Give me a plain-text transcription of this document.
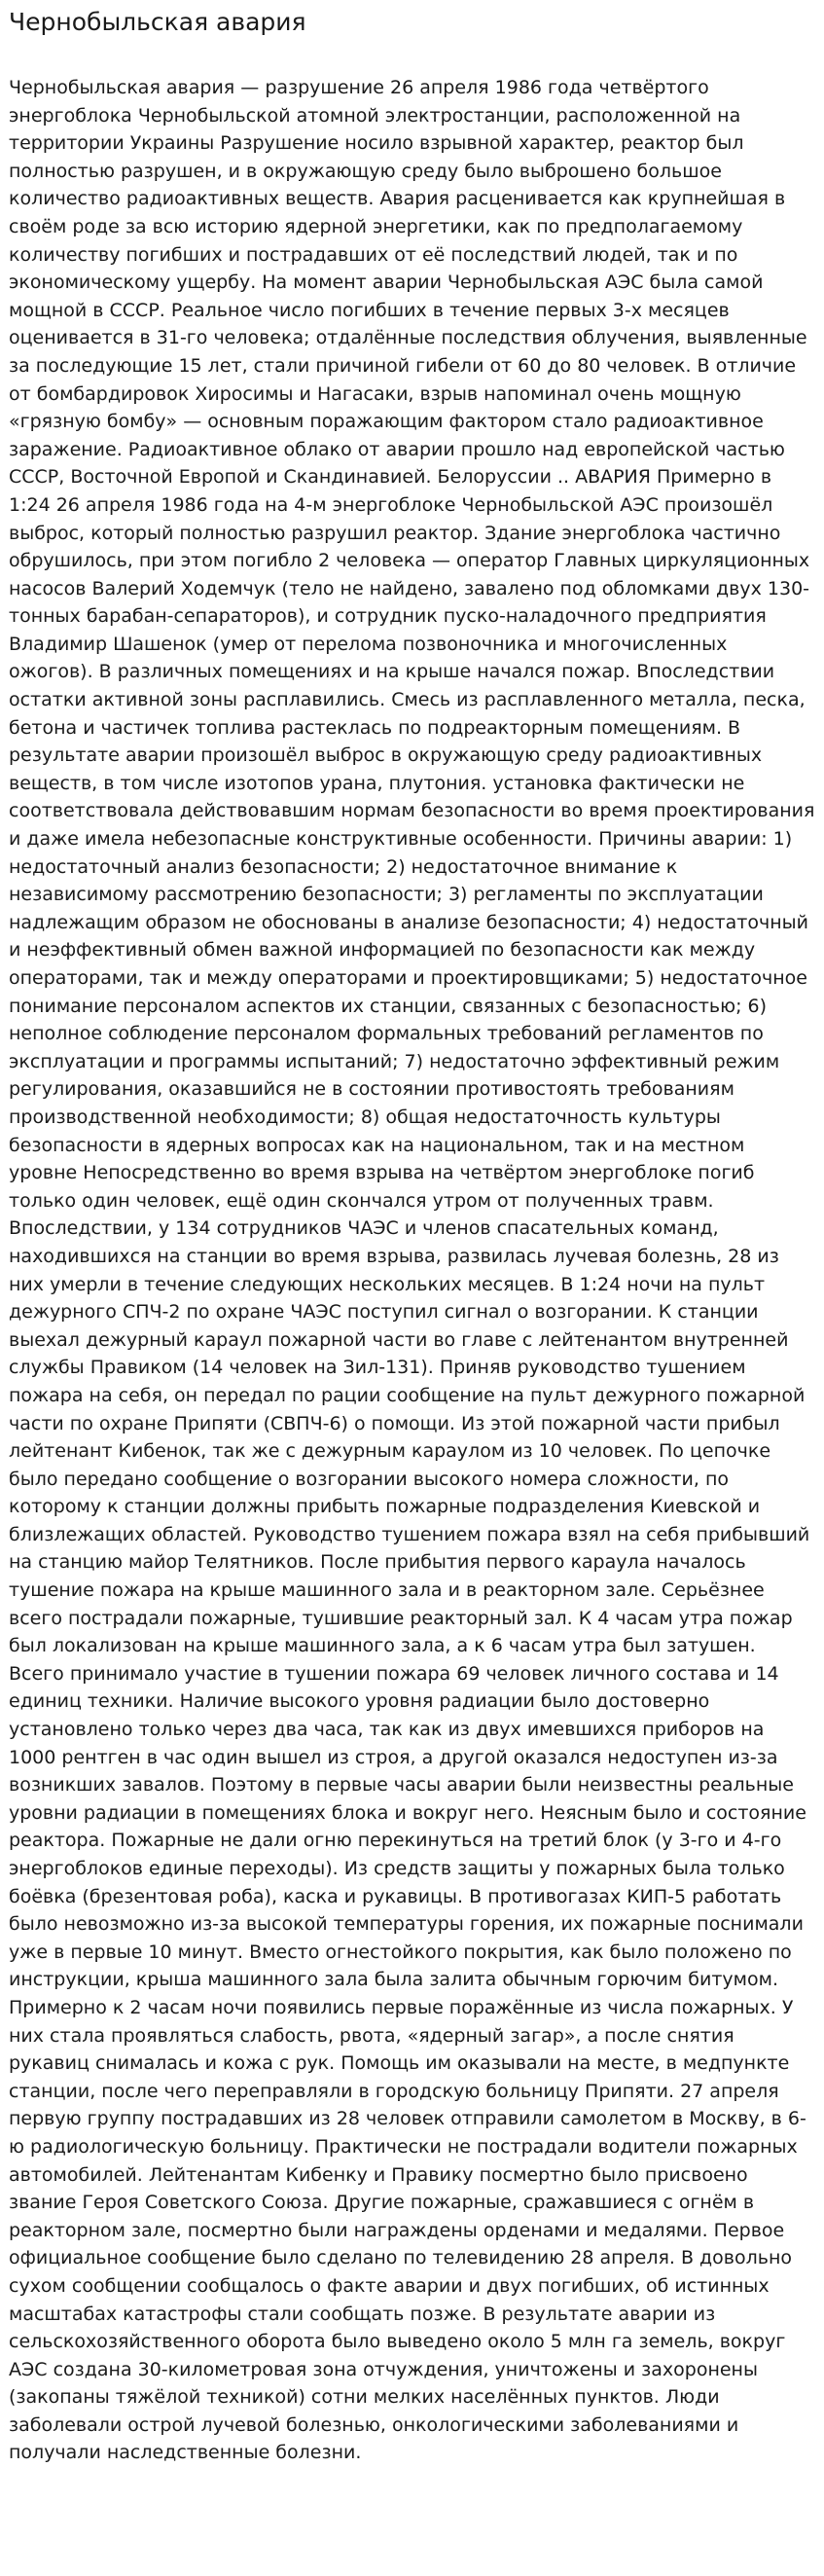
Чернобыльская авария

Чернобыльская авария — разрушение 26 апреля 1986 года четвёртого энергоблока Чернобыльской атомной электростанции, расположенной на территории Украины Разрушение носило взрывной характер, реактор был полностью разрушен, и в окружающую среду было выброшено большое количество радиоактивных веществ. Авария расценивается как крупнейшая в своём роде за всю историю ядерной энергетики, как по предполагаемому количеству погибших и пострадавших от её последствий людей, так и по экономическому ущербу. На момент аварии Чернобыльская АЭС была самой мощной в СССР. Реальное число погибших в течение первых 3-х месяцев оценивается в 31-го человека; отдалённые последствия облучения, выявленные за последующие 15 лет, стали причиной гибели от 60 до 80 человек. В отличие от бомбардировок Хиросимы и Нагасаки, взрыв напоминал очень мощную «грязную бомбу» — основным поражающим фактором стало радиоактивное заражение. Радиоактивное облако от аварии прошло над европейской частью СССР, Восточной Европой и Скандинавией. Белоруссии .. АВАРИЯ Примерно в 1:24 26 апреля 1986 года на 4-м энергоблоке Чернобыльской АЭС произошёл выброс, который полностью разрушил реактор. Здание энергоблока частично обрушилось, при этом погибло 2 человека — оператор Главных циркуляционных насосов Валерий Ходемчук (тело не найдено, завалено под обломками двух 130-тонных барабан-сепараторов), и сотрудник пуско-наладочного предприятия Владимир Шашенок (умер от перелома позвоночника и многочисленных ожогов). В различных помещениях и на крыше начался пожар. Впоследствии остатки активной зоны расплавились. Смесь из расплавленного металла, песка, бетона и частичек топлива растеклась по подреакторным помещениям. В результате аварии произошёл выброс в окружающую среду радиоактивных веществ, в том числе изотопов урана, плутония. установка фактически не соответствовала действовавшим нормам безопасности во время проектирования и даже имела небезопасные конструктивные особенности. Причины аварии: 1) недостаточный анализ безопасности; 2) недостаточное внимание к независимому рассмотрению безопасности; 3) регламенты по эксплуатации надлежащим образом не обоснованы в анализе безопасности; 4) недостаточный и неэффективный обмен важной информацией по безопасности как между операторами, так и между операторами и проектировщиками; 5) недостаточное понимание персоналом аспектов их станции, связанных с безопасностью; 6) неполное соблюдение персоналом формальных требований регламентов по эксплуатации и программы испытаний; 7) недостаточно эффективный режим регулирования, оказавшийся не в состоянии противостоять требованиям производственной необходимости; 8) общая недостаточность культуры безопасности в ядерных вопросах как на национальном, так и на местном уровне Непосредственно во время взрыва на четвёртом энергоблоке погиб только один человек, ещё один скончался утром от полученных травм. Впоследствии, у 134 сотрудников ЧАЭС и членов спасательных команд, находившихся на станции во время взрыва, развилась лучевая болезнь, 28 из них умерли в течение следующих нескольких месяцев. В 1:24 ночи на пульт дежурного СПЧ-2 по охране ЧАЭС поступил сигнал о возгорании. К станции выехал дежурный караул пожарной части во главе с лейтенантом внутренней службы Правиком (14 человек на Зил-131). Приняв руководство тушением пожара на себя, он передал по рации сообщение на пульт дежурного пожарной части по охране Припяти (СВПЧ-6) о помощи. Из этой пожарной части прибыл лейтенант Кибенок, так же с дежурным караулом из 10 человек. По цепочке было передано сообщение о возгорании высокого номера сложности, по которому к станции должны прибыть пожарные подразделения Киевской и близлежащих областей. Руководство тушением пожара взял на себя прибывший на станцию майор Телятников. После прибытия первого караула началось тушение пожара на крыше машинного зала и в реакторном зале. Серьёзнее всего пострадали пожарные, тушившие реакторный зал. К 4 часам утра пожар был локализован на крыше машинного зала, а к 6 часам утра был затушен. Всего принимало участие в тушении пожара 69 человек личного состава и 14 единиц техники. Наличие высокого уровня радиации было достоверно установлено только через два часа, так как из двух имевшихся приборов на 1000 рентген в час один вышел из строя, а другой оказался недоступен из-за возникших завалов. Поэтому в первые часы аварии были неизвестны реальные уровни радиации в помещениях блока и вокруг него. Неясным было и состояние реактора. Пожарные не дали огню перекинуться на третий блок (у 3-го и 4-го энергоблоков единые переходы). Из средств защиты у пожарных была только боёвка (брезентовая роба), каска и рукавицы. В противогазах КИП-5 работать было невозможно из-за высокой температуры горения, их пожарные поснимали уже в первые 10 минут. Вместо огнестойкого покрытия, как было положено по инструкции, крыша машинного зала была залита обычным горючим битумом. Примерно к 2 часам ночи появились первые поражённые из числа пожарных. У них стала проявляться слабость, рвота, «ядерный загар», а после снятия рукавиц снималась и кожа с рук. Помощь им оказывали на месте, в медпункте станции, после чего переправляли в городскую больницу Припяти. 27 апреля первую группу пострадавших из 28 человек отправили самолетом в Москву, в 6-ю радиологическую больницу. Практически не пострадали водители пожарных автомобилей. Лейтенантам Кибенку и Правику посмертно было присвоено звание Героя Советского Союза. Другие пожарные, сражавшиеся с огнём в реакторном зале, посмертно были награждены орденами и медалями. Первое официальное сообщение было сделано по телевидению 28 апреля. В довольно сухом сообщении сообщалось о факте аварии и двух погибших, об истинных масштабах катастрофы стали сообщать позже. В результате аварии из сельскохозяйственного оборота было выведено около 5 млн га земель, вокруг АЭС создана 30-километровая зона отчуждения, уничтожены и захоронены (закопаны тяжёлой техникой) сотни мелких населённых пунктов. Люди заболевали острой лучевой болезнью, онкологическими заболеваниями и получали наследственные болезни.
